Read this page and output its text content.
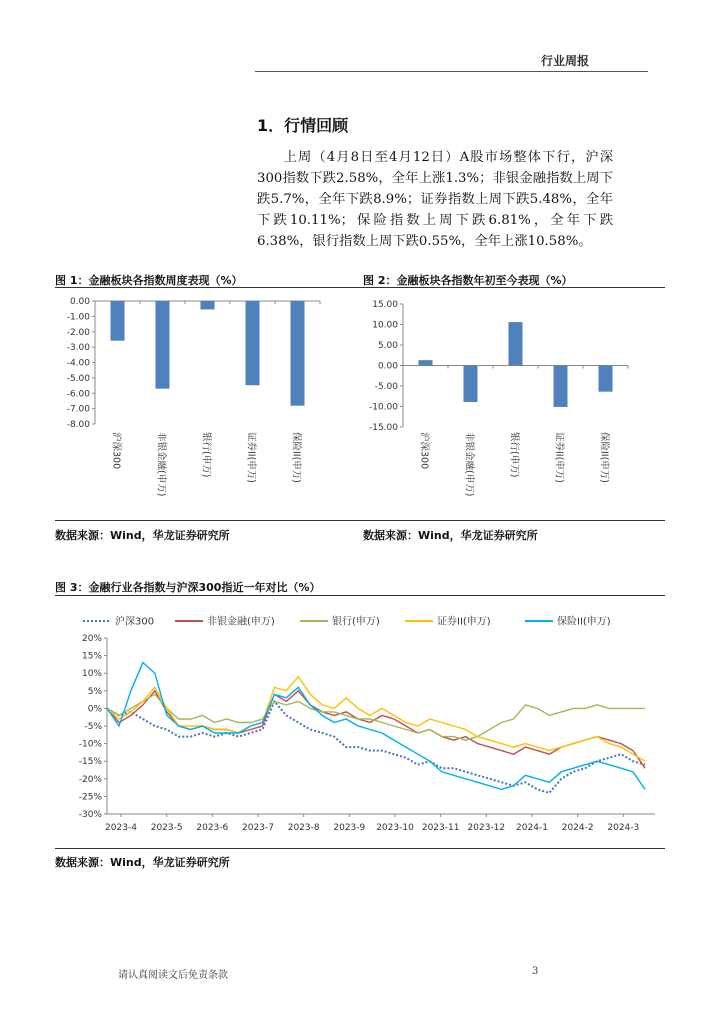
行业周报
1．行情回顾

上周（4月8日至4月12日）A股市场整体下行，沪深300指数下跌2.58%，全年上涨1.3%；非银金融指数上周下跌5.7%，全年下跌8.9%；证券指数上周下跌5.48%，全年下跌10.11%；保险指数上周下跌6.81%，全年下跌6.38%，银行指数上周下跌0.55%，全年上涨10.58%。

图 1：金融板块各指数周度表现（%）	图 2：金融板块各指数年初至今表现（%）
0.00
-1.00
-2.00
-3.00
-4.00
-5.00
-6.00
-7.00
-8.00
沪深300	非银金融(申万)	银行(申万)	证券II(申万)	保险II(申万)
15.00
10.00
5.00
0.00
-5.00
-10.00
-15.00
沪深300	非银金融(申万)	银行(申万)	证券II(申万)	保险II(申万)
数据来源：Wind，华龙证券研究所	数据来源：Wind，华龙证券研究所
图 3：金融行业各指数与沪深300指近一年对比（%）
20%
15%
10%
5%
0%
-5%
-10%
-15%
-20%
-25%
-30%
2023-4 2023-5 2023-6 2023-7 2023-8 2023-9 2023-10 2023-11 2023-12 2024-1 2024-2 2024-3
沪深300	非银金融(申万)	银行(申万)	证券II(申万)	保险II(申万)
数据来源：Wind，华龙证券研究所
请认真阅读文后免责条款	3
